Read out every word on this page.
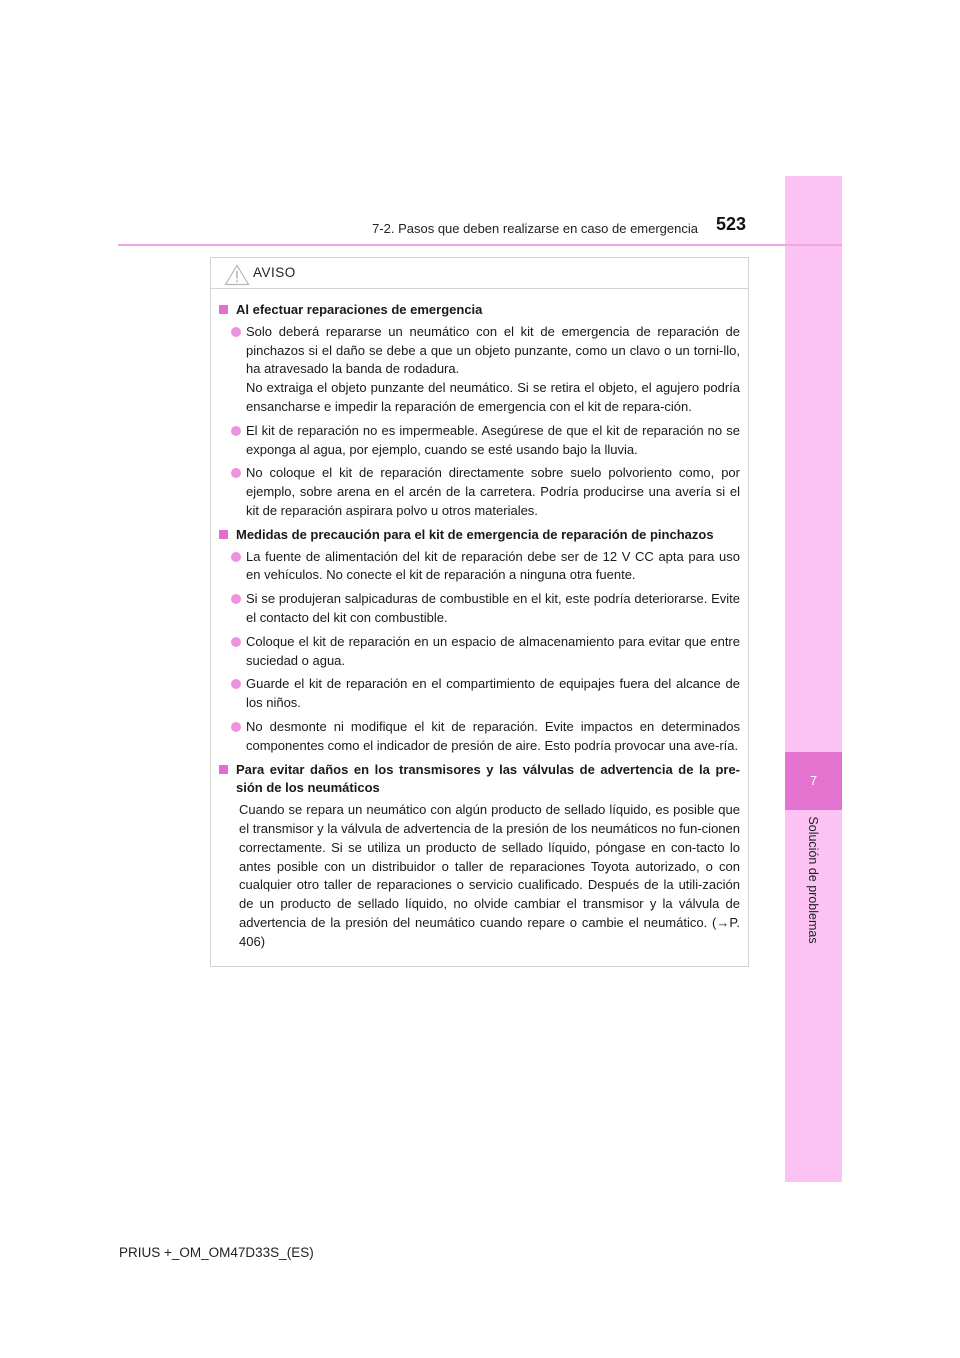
7
Solución de problemas
7-2. Pasos que deben realizarse en caso de emergencia 523
AVISO
Al efectuar reparaciones de emergencia
Solo deberá repararse un neumático con el kit de emergencia de reparación de pinchazos si el daño se debe a que un objeto punzante, como un clavo o un torni-llo, ha atravesado la banda de rodadura.
No extraiga el objeto punzante del neumático. Si se retira el objeto, el agujero podría ensancharse e impedir la reparación de emergencia con el kit de repara-ción.
El kit de reparación no es impermeable. Asegúrese de que el kit de reparación no se exponga al agua, por ejemplo, cuando se esté usando bajo la lluvia.
No coloque el kit de reparación directamente sobre suelo polvoriento como, por ejemplo, sobre arena en el arcén de la carretera. Podría producirse una avería si el kit de reparación aspirara polvo u otros materiales.
Medidas de precaución para el kit de emergencia de reparación de pinchazos
La fuente de alimentación del kit de reparación debe ser de 12 V CC apta para uso en vehículos. No conecte el kit de reparación a ninguna otra fuente.
Si se produjeran salpicaduras de combustible en el kit, este podría deteriorarse. Evite el contacto del kit con combustible.
Coloque el kit de reparación en un espacio de almacenamiento para evitar que entre suciedad o agua.
Guarde el kit de reparación en el compartimiento de equipajes fuera del alcance de los niños.
No desmonte ni modifique el kit de reparación. Evite impactos en determinados componentes como el indicador de presión de aire. Esto podría provocar una ave-ría.
Para evitar daños en los transmisores y las válvulas de advertencia de la pre-sión de los neumáticos
Cuando se repara un neumático con algún producto de sellado líquido, es posible que el transmisor y la válvula de advertencia de la presión de los neumáticos no fun-cionen correctamente. Si se utiliza un producto de sellado líquido, póngase en con-tacto lo antes posible con un distribuidor o taller de reparaciones Toyota autorizado, o con cualquier otro taller de reparaciones o servicio cualificado. Después de la utili-zación de un producto de sellado líquido, no olvide cambiar el transmisor y la válvula de advertencia de la presión del neumático cuando repare o cambie el neumático. (→P. 406)
PRIUS +_OM_OM47D33S_(ES)
